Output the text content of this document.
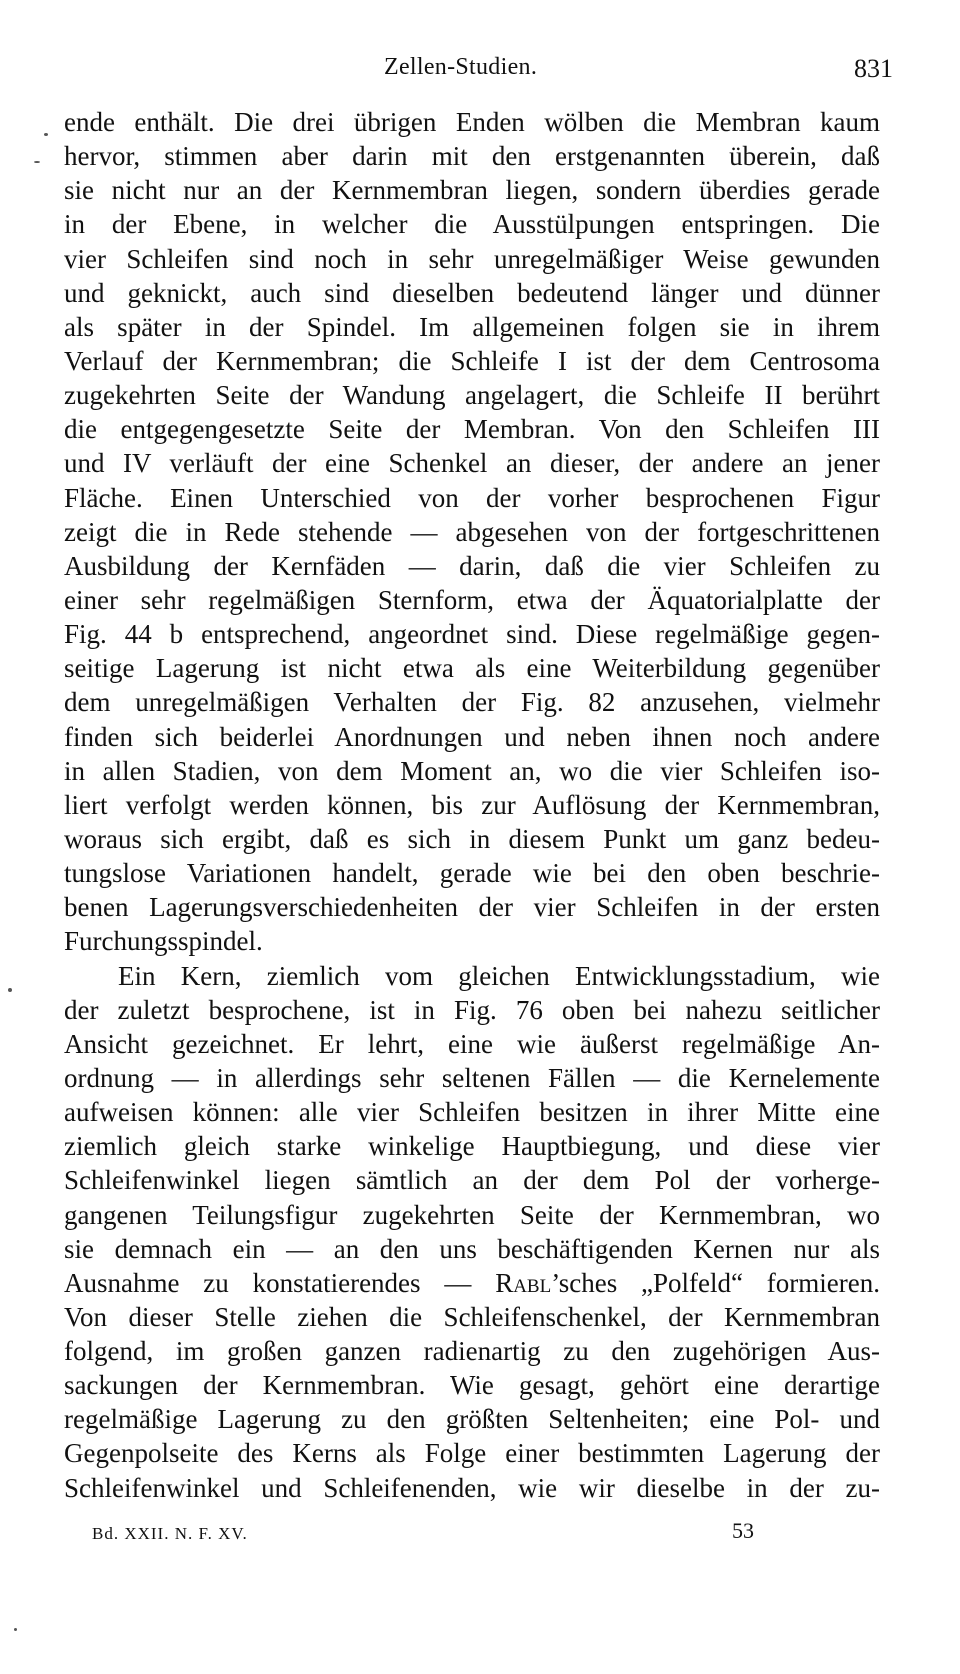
Zellen-Studien.	831
ende enthält. Die drei übrigen Enden wölben die Membran kaum
hervor, stimmen aber darin mit den erstgenannten überein, daß
sie nicht nur an der Kernmembran liegen, sondern überdies gerade
in der Ebene, in welcher die Ausstülpungen entspringen. Die
vier Schleifen sind noch in sehr unregelmäßiger Weise gewunden
und geknickt, auch sind dieselben bedeutend länger und dünner
als später in der Spindel. Im allgemeinen folgen sie in ihrem
Verlauf der Kernmembran; die Schleife I ist der dem Centrosoma
zugekehrten Seite der Wandung angelagert, die Schleife II berührt
die entgegengesetzte Seite der Membran. Von den Schleifen III
und IV verläuft der eine Schenkel an dieser, der andere an jener
Fläche. Einen Unterschied von der vorher besprochenen Figur
zeigt die in Rede stehende — abgesehen von der fortgeschrittenen
Ausbildung der Kernfäden — darin, daß die vier Schleifen zu
einer sehr regelmäßigen Sternform, etwa der Äquatorialplatte der
Fig. 44 b entsprechend, angeordnet sind. Diese regelmäßige gegen-
seitige Lagerung ist nicht etwa als eine Weiterbildung gegenüber
dem unregelmäßigen Verhalten der Fig. 82 anzusehen, vielmehr
finden sich beiderlei Anordnungen und neben ihnen noch andere
in allen Stadien, von dem Moment an, wo die vier Schleifen iso-
liert verfolgt werden können, bis zur Auflösung der Kernmembran,
woraus sich ergibt, daß es sich in diesem Punkt um ganz bedeu-
tungslose Variationen handelt, gerade wie bei den oben beschrie-
benen Lagerungsverschiedenheiten der vier Schleifen in der ersten
Furchungsspindel.
Ein Kern, ziemlich vom gleichen Entwicklungsstadium, wie
der zuletzt besprochene, ist in Fig. 76 oben bei nahezu seitlicher
Ansicht gezeichnet. Er lehrt, eine wie äußerst regelmäßige An-
ordnung — in allerdings sehr seltenen Fällen — die Kernelemente
aufweisen können: alle vier Schleifen besitzen in ihrer Mitte eine
ziemlich gleich starke winkelige Hauptbiegung, und diese vier
Schleifenwinkel liegen sämtlich an der dem Pol der vorherge-
gangenen Teilungsfigur zugekehrten Seite der Kernmembran, wo
sie demnach ein — an den uns beschäftigenden Kernen nur als
Ausnahme zu konstatierendes — Rabl’sches „Polfeld“ formieren.
Von dieser Stelle ziehen die Schleifenschenkel, der Kernmembran
folgend, im großen ganzen radienartig zu den zugehörigen Aus-
sackungen der Kernmembran. Wie gesagt, gehört eine derartige
regelmäßige Lagerung zu den größten Seltenheiten; eine Pol- und
Gegenpolseite des Kerns als Folge einer bestimmten Lagerung der
Schleifenwinkel und Schleifenenden, wie wir dieselbe in der zu-
Bd. XXII. N. F. XV.	53
